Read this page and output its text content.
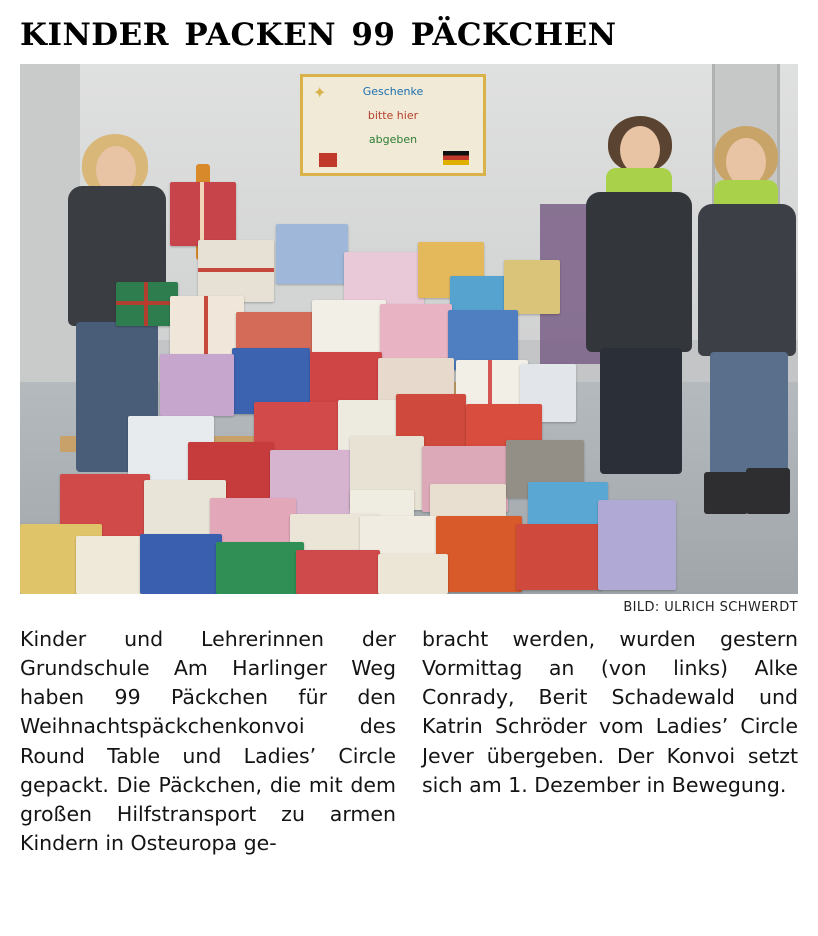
KINDER PACKEN 99 PÄCKCHEN
✦	Geschenke
bitte hier
abgeben
BILD: ULRICH SCHWERDT

Kinder und Lehrerinnen der Grundschule Am Harlinger Weg haben 99 Päckchen für den Weihnachtspäckchenkonvoi des Round Table und Ladies’ Circle gepackt. Die Päckchen, die mit dem großen Hilfstransport zu armen Kindern in Osteuropa ge-

bracht werden, wurden gestern Vormittag an (von links) Alke Conrady, Berit Schadewald und Katrin Schröder vom Ladies’ Circle Jever übergeben. Der Konvoi setzt sich am 1. Dezember in Bewegung.
